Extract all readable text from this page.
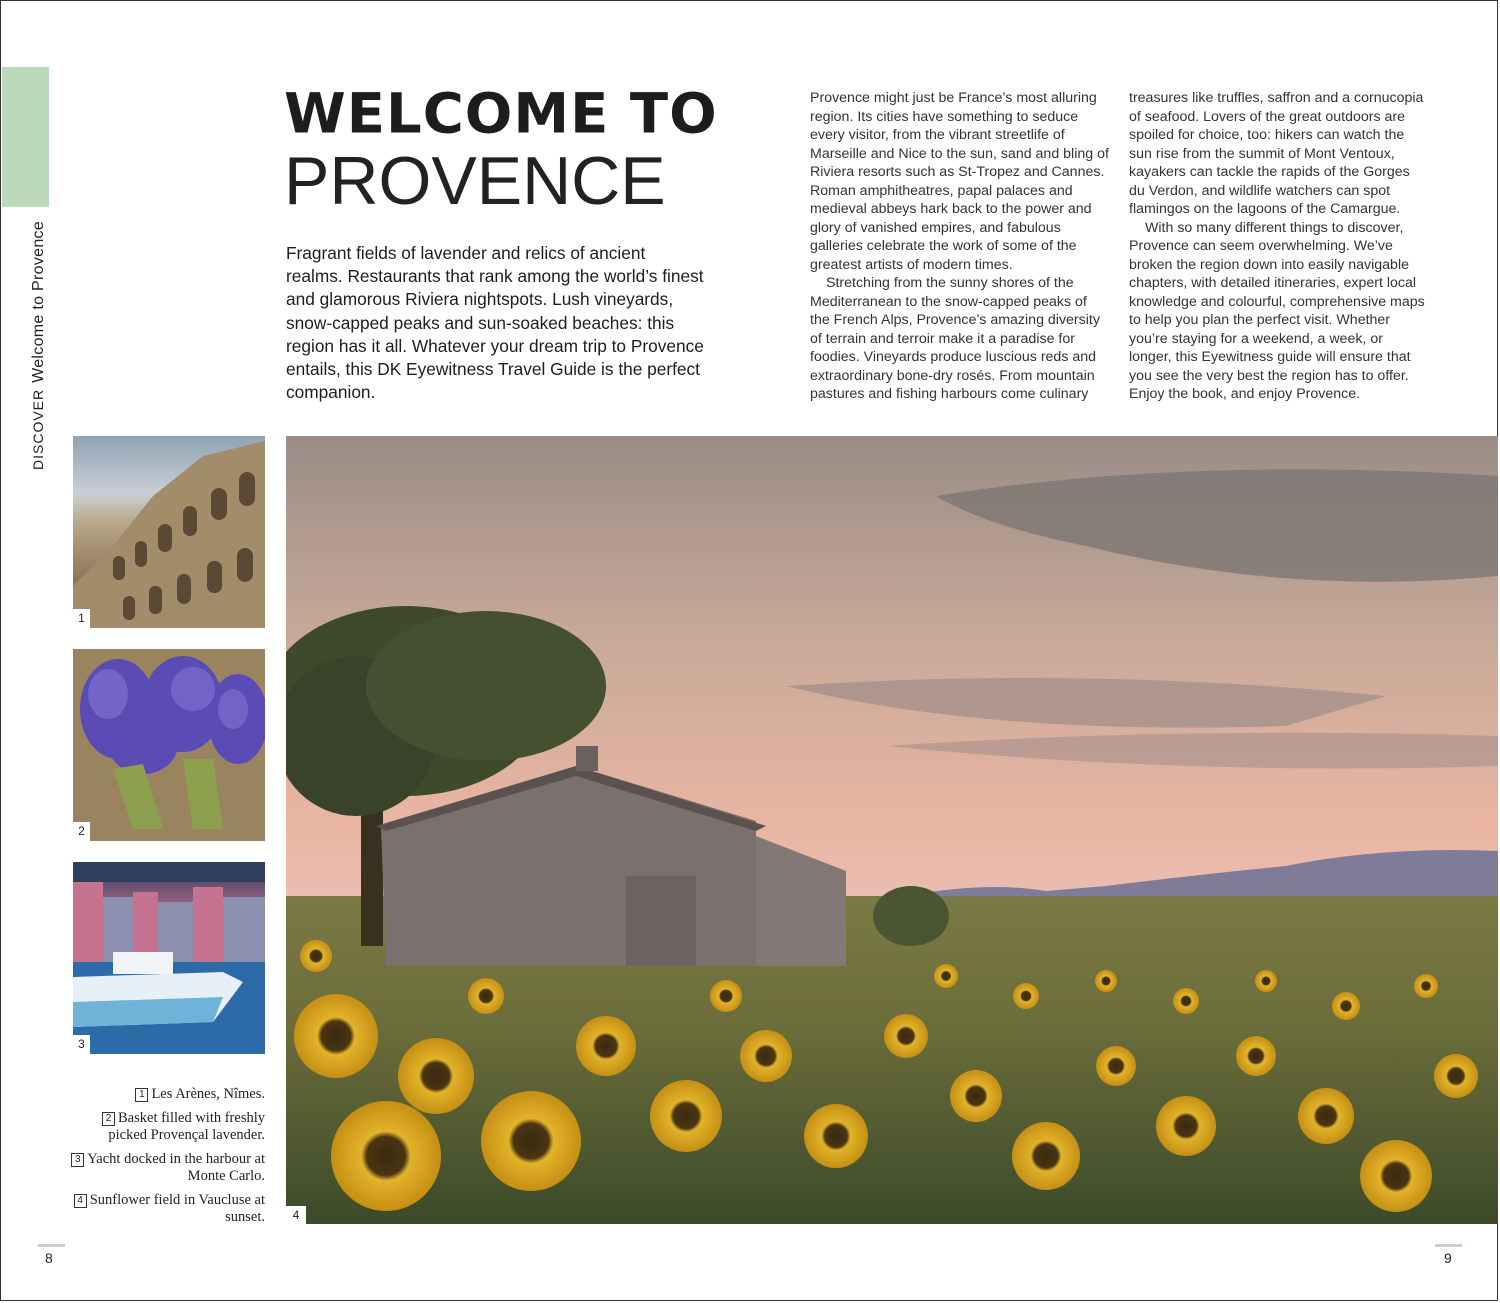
DISCOVERWelcome to Provence
WELCOME TO
PROVENCE

Fragrant fields of lavender and relics of ancient realms. Restaurants that rank among the world’s finest and glamorous Riviera nightspots. Lush vineyards, snow-capped peaks and sun-soaked beaches: this region has it all. Whatever your dream trip to Provence entails, this DK Eyewitness Travel Guide is the perfect companion.

Provence might just be France’s most alluring region. Its cities have something to seduce every visitor, from the vibrant streetlife of Marseille and Nice to the sun, sand and bling of Riviera resorts such as St-Tropez and Cannes. Roman amphitheatres, papal palaces and medieval abbeys hark back to the power and glory of vanished empires, and fabulous galleries celebrate the work of some of the greatest artists of modern times.

Stretching from the sunny shores of the Mediterranean to the snow-capped peaks of the French Alps, Provence’s amazing diversity of terrain and terroir make it a paradise for foodies. Vineyards produce luscious reds and extraordinary bone-dry rosés. From mountain pastures and fishing harbours come culinary

treasures like truffles, saffron and a cornucopia of seafood. Lovers of the great outdoors are spoiled for choice, too: hikers can watch the sun rise from the summit of Mont Ventoux, kayakers can tackle the rapids of the Gorges du Verdon, and wildlife watchers can spot flamingos on the lagoons of the Camargue.

With so many different things to discover, Provence can seem overwhelming. We’ve broken the region down into easily navigable chapters, with detailed itineraries, expert local knowledge and colourful, comprehensive maps to help you plan the perfect visit. Whether you’re staying for a weekend, a week, or longer, this Eyewitness guide will ensure that you see the very best the region has to offer. Enjoy the book, and enjoy Provence.

1
2
3

1 Les Arènes, Nîmes.

2 Basket filled with freshly picked Provençal lavender.

3 Yacht docked in the harbour at Monte Carlo.

4 Sunflower field in Vaucluse at sunset.	4
8	9
